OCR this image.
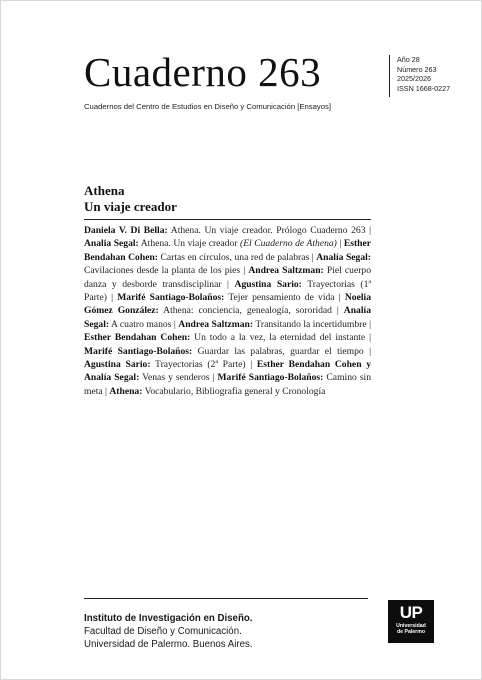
Cuaderno 263	Año 28
Número 263
2025/2026
ISSN 1668-0227
Cuadernos del Centro de Estudios en Diseño y Comunicación [Ensayos]
Athena
Un viaje creador
Daniela V. Di Bella: Athena. Un viaje creador. Prólogo Cuaderno 263 | Analia Segal: Athena. Un viaje creador (El Cuaderno de Athena) | Esther Bendahan Cohen: Cartas en círculos, una red de palabras | Analía Segal: Cavilaciones desde la planta de los pies | Andrea Saltzman: Piel cuerpo danza y desborde transdisciplinar | Agustina Sario: Trayectorias (1ª Parte) | Marifé Santiago-Bolaños: Tejer pensamiento de vida | Noelia Gómez González: Athena: conciencia, genealogía, sororidad | Analía Segal: A cuatro manos | Andrea Saltzman: Transitando la incertidumbre | Esther Bendahan Cohen: Un todo a la vez, la eternidad del instante | Marifé Santiago-Bolaños: Guardar las palabras, guardar el tiempo | Agustina Sario: Trayectorias (2ª Parte) | Esther Bendahan Cohen y Analía Segal: Venas y senderos | Marifé Santiago-Bolaños: Camino sin meta | Athena: Vocabulario, Bibliografía general y Cronología
Instituto de Investigación en Diseño.
Facultad de Diseño y Comunicación.
Universidad de Palermo. Buenos Aires.
UP
Universidad
de Palermo
